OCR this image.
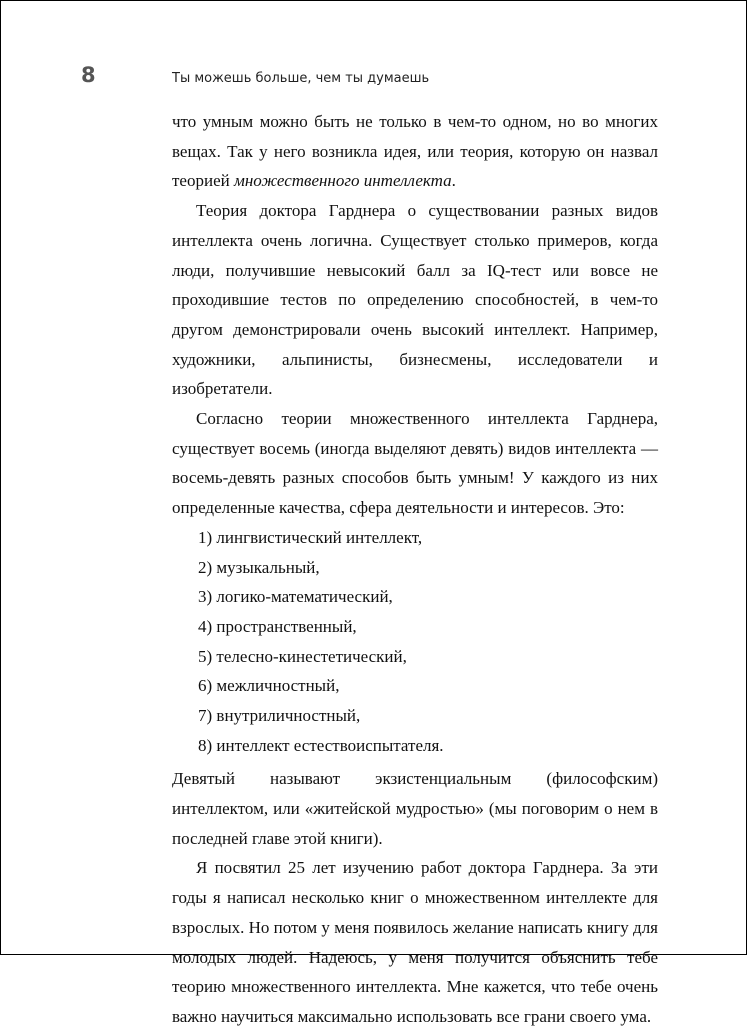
8	Ты можешь больше, чем ты думаешь

что умным можно быть не только в чем-то одном, но во многих вещах. Так у него возникла идея, или теория, которую он назвал теорией множественного интеллекта.

Теория доктора Гарднера о существовании разных видов интеллекта очень логична. Существует столько примеров, когда люди, получившие невысокий балл за IQ-тест или вовсе не проходившие тестов по определению способностей, в чем-то другом демонстрировали очень высокий интеллект. Например, художники, альпинисты, бизнесмены, исследователи и изобретатели.

Согласно теории множественного интеллекта Гарднера, существует восемь (иногда выделяют девять) видов интеллекта — восемь-девять разных способов быть умным! У каждого из них определенные качества, сфера деятельности и интересов. Это:

1) лингвистический интеллект,
2) музыкальный,
3) логико-математический,
4) пространственный,
5) телесно-кинестетический,
6) межличностный,
7) внутриличностный,
8) интеллект естествоиспытателя.

Девятый называют экзистенциальным (философским) интеллектом, или «житейской мудростью» (мы поговорим о нем в последней главе этой книги).

Я посвятил 25 лет изучению работ доктора Гарднера. За эти годы я написал несколько книг о множественном интеллекте для взрослых. Но потом у меня появилось желание написать книгу для молодых людей. Надеюсь, у меня получится объяснить тебе теорию множественного интеллекта. Мне кажется, что тебе очень важно научиться максимально использовать все грани своего ума.
